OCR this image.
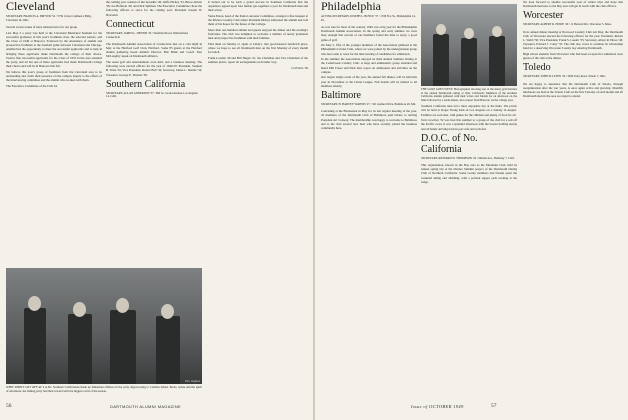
Cleveland

SECRETARY, FRANCIS A. PREVER '52 / 5759 Caton Commerce Bldg., Cleveland 14, Ohio

Several recent weeks of most unusual news for our group.

Last May 4 a party was held at the Cleveland Municipal Stadium for the successful graduates of this year's freshman class, the selected seniors, and the Class of 1949 at Hanover. Followed by the attendance of alumni and prospective freshmen at the baseball game between Cleveland and Chicago. Alumni had the opportunity to meet the successful applicants and to help in bringing these applicants make Dartmouth the college of their choice. Twelve fine successful applicants for the Class of 1953 in the area attended the party, and all but one of these applicants had made Dartmouth College their choice and will be in Hanover this fall.

We believe this year's group of freshmen from the Cleveland area to be outstanding and credit their presence on the campus largely to the efforts of the interviewing committee and the alumni who worked with them.

The Executive Committee of the Club for

the coming year consists of Ike Sprankle '40, Jaiffe Hickey '32, Bruce Abbott '28, Joe Hefferan '40, and Dick Spilman. The Executive Committee chose the following officers to serve for the coming year: President Joseph W. Holcomb.

Connecticut

SECRETARY, JAMES L. DENNIS '34 / Westfield Road, Wethersfield, Connecticut

The Dartmouth Alumni Association of Connecticut met on a cold night in May at the Hartford Golf Club, Hartford. Some 85 guests at the Hartford alumni gathering heard Athletic Director Bob Blaik and Coach Tuss McLaughry speak on Dartmouth athletics.

The usual golf and entertainment were held, and a business meeting. The following were elected officers for the year of 1949-50: President, Stephen B. Trine '29; Vice President, Robert Bell '34; Secretary, James L. Dennis '34; Treasurer, George E. Thomas '38.

Southern California

SECRETARY, ALLAN ANDERSON '37 / 609 So. Grand Avenue, Los Angeles 14, Calif.

It turned out to be such a grand success in Southern California that the organizers agreed upon four further get-togethers a year for Dartmouth men and their wives.

Verne Eaton, head of the Paula Lancaster Committee, arranged a fine banquet at the Riviera Country Club where President Dickey addressed the alumni and told them of his hopes for the future of the College.

More than one hundred alumni and guests enjoyed the dinner and the evening's festivities. The club was delighted to welcome a number of newly graduated men and prospective freshmen with their families.

Find them on Sunday or again at Lindy's, that good-hearted sandwich place, where we hope to see all Dartmouth men on the first Monday of every month for lunch.

Frank Loomis '40 and Bill Hegan '41, the Chairman and Vice Chairman of the summer picnic, report all arrangements well under way.

Cal Ferris '36

Pict. Hughes

WHIT DIDN'T GET OFF AT 4 A.M.: Southern Californians made up fishermen offshore in the early daypowering to Catalina Island. Boats, tackle and the spirit of adventure, the fishing party had their reward with the biggest catch of the season.

56	DARTMOUTH ALUMNI MAGAZINE
Philadelphia

ACTING SECRETARY, JOSEPH L. BOYLE '37 / 1530 Fox St., Philadelphia 14, Pa.

As was true for most of the country, 1949 was a big year for the Philadelphia Dartmouth Alumni Association. In the spring and early summer we were busy enough that several of our members found the time to enjoy a good game of golf.

On May 5, fifty of the younger members of the Association gathered at the Philadelphia Cricket Club, where we were joined by the undergraduate group who had come to town for the interviewing of candidates for admission.

In the summer the Association enjoyed its third Annual Summer Outing at the Cedarbrook Country Club. A large and enthusiastic group attended and heard Phil Fraser and Dick Kerr report on admissions and activities on the campus.

Our largest single event of the year, the annual fall dinner, will be held this year in November at the Union League. Full details will be mailed to all members shortly.

Baltimore

SECRETARY, H. HARVEY WATERS '27 / 321 Gaither Drive, Baltimore 20, Md.

Convening at the Blackstone in May for its last regular meeting of the year, 45 members of the Dartmouth Club of Baltimore paid tribute to retiring President Art Conway. The membership was happy to welcome to Baltimore and to the club several new men who have recently joined the business community here.

THE GOLF GOES WEST: Photographed shooting one of the many golf matches at the annual Dartmouth outing at Ojai, California: Members of the northern California alumni gathered with their wives and friends for an afternoon on the links followed by a steak dinner, and a report from Hanover on the college year.

Southern California men led a most enjoyable day at the links. The picnic will be held at Roger Young Park in Los Angeles on a Sunday in August. Families are welcome, with games for the children and plenty of food for all.

Tom Cowdrey '32 was host this summer to a group of the club for a sail off the Pacific coast. It was a splendid afternoon with the breeze holding steady and all hands arriving back in port safe and well-fed.

D.O.C. of No. California

SECRETARY, RICHARD W. THOMPSON '24 / Maxim Ave., Berkeley 7, Calif.

This organization, known in the Bay area as the Mountain Club, held its annual spring trip at the Donner Summit project of the Dartmouth Outing Club of Northern California. Some twenty members and friends spent the weekend skiing and climbing, with a potluck supper each evening at the lodge.

We look forward to another successful year of winter trips and hope that Dartmouth men new to the Bay area will get in touch with the club officers.

Worcester

SECRETARY, ALBERT R. HOWE '40 / 11 Bernard Rd., Worcester 5, Mass.

In its annual dinner meeting at Norwood Country Club last May, the Dartmouth Club of Worcester elected the following officers for the year: President, Robert L. Webb '30; Vice President, Frank S. Lauder '35; Secretary, Albert R. Howe '40; Treasurer, Edward J. Canty '33. The club also voted to continue its scholarship fund for a deserving Worcester County boy entering Dartmouth.

High school students from Worcester who had been accepted for admission were guests of the club at the dinner.

Toledo

SECRETARY, JOHN H. LEWIS '34 / 3940 Tarty Road, Toledo 7, Ohio

We are happy to announce that the Dartmouth Club of Toledo, through reorganization after the war years, is once again active and growing. Monthly luncheons are held at the Toledo Club on the first Tuesday of each month and all Dartmouth men in the area are urged to attend.

Issue of OCTOBER 1949	57
